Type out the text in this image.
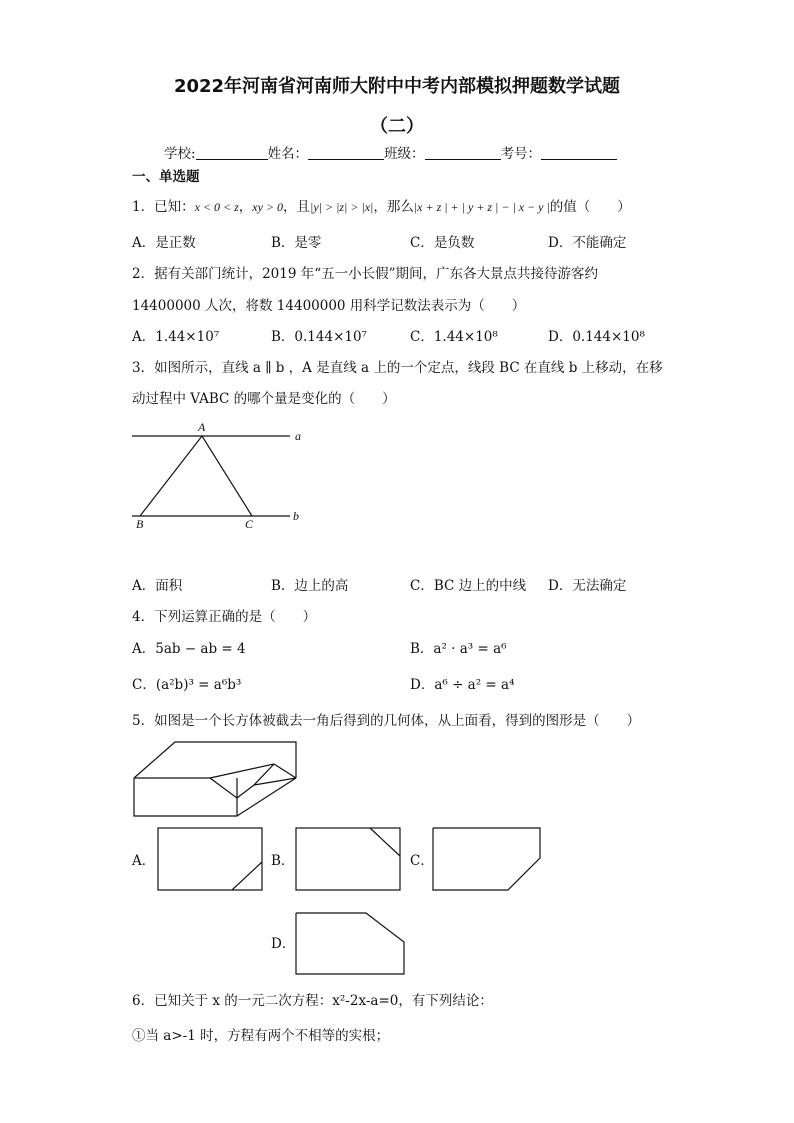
2022年河南省河南师大附中中考内部模拟押题数学试题
（二）
学校:	姓名：	班级：	考号：
一、单选题
1．已知：x < 0 < z，xy > 0，且|y| > |z| > |x|，那么|x + z | + | y + z | − | x − y |的值（　　）
A．是正数	B．是零	C．是负数	D．不能确定
2．据有关部门统计，2019 年“五一小长假”期间，广东各大景点共接待游客约
14400000 人次，将数 14400000 用科学记数法表示为（　　）
A．1.44×10⁷	B．0.144×10⁷	C．1.44×10⁸	D．0.144×10⁸
3．如图所示，直线 a ∥ b ，A 是直线 a 上的一个定点，线段 BC 在直线 b 上移动，在移
动过程中 VABC 的哪个量是变化的（　　）
A
B	C
a
b
A．面积	B．边上的高	C．BC 边上的中线 D．无法确定
4．下列运算正确的是（　　）
A．5ab − ab = 4	B．a² · a³ = a⁶
C．(a²b)³ = a⁶b³	D．a⁶ ÷ a² = a⁴
5．如图是一个长方体被截去一角后得到的几何体，从上面看，得到的图形是（　　）
A．	B．	C．
D．
6．已知关于 x 的一元二次方程：x²-2x-a=0，有下列结论：
①当 a>-1 时，方程有两个不相等的实根；
